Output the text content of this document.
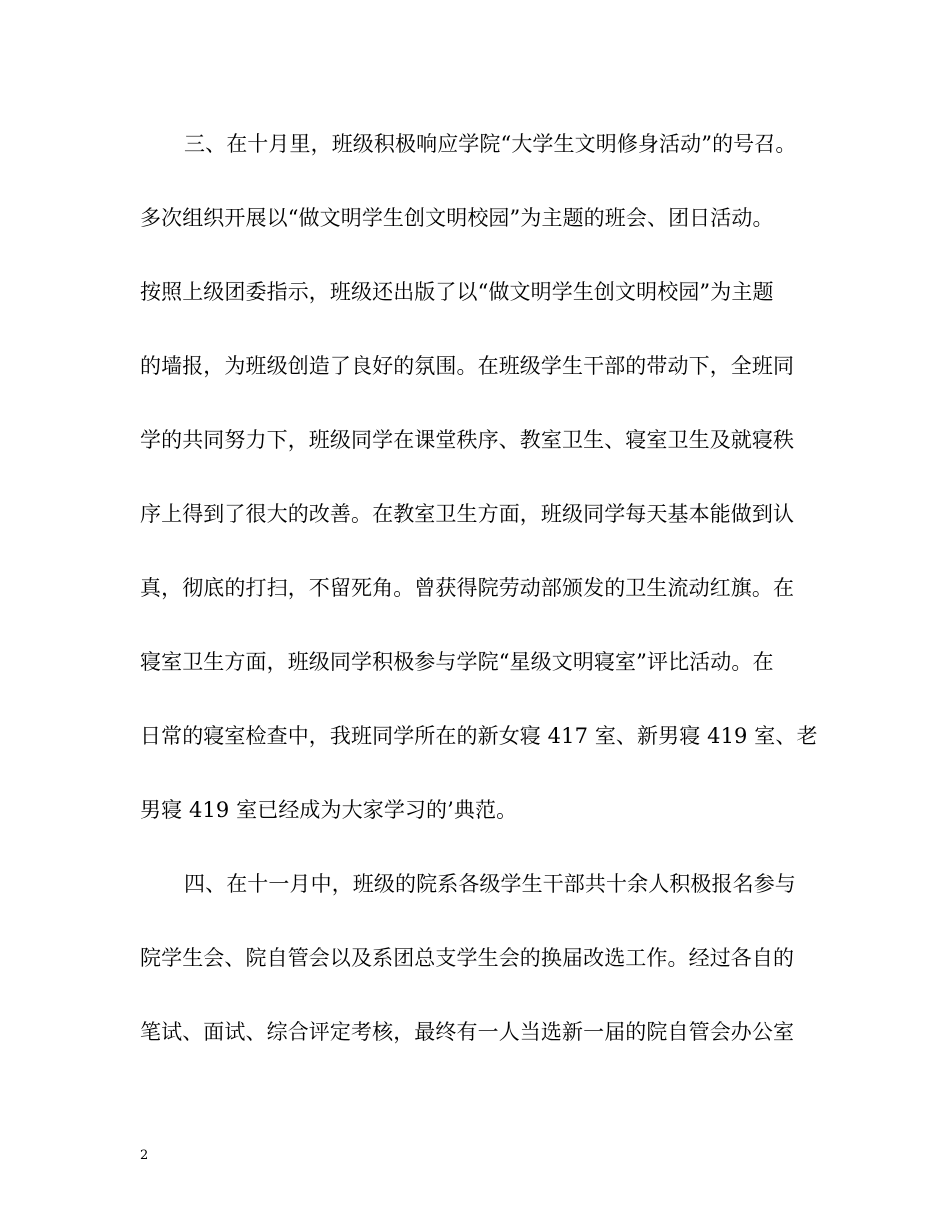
三、在十月里，班级积极响应学院“大学生文明修身活动”的号召。
多次组织开展以“做文明学生创文明校园”为主题的班会、团日活动。
按照上级团委指示，班级还出版了以“做文明学生创文明校园”为主题
的墙报，为班级创造了良好的氛围。在班级学生干部的带动下，全班同
学的共同努力下，班级同学在课堂秩序、教室卫生、寝室卫生及就寝秩
序上得到了很大的改善。在教室卫生方面，班级同学每天基本能做到认
真，彻底的打扫，不留死角。曾获得院劳动部颁发的卫生流动红旗。在
寝室卫生方面，班级同学积极参与学院“星级文明寝室”评比活动。在
日常的寝室检查中，我班同学所在的新女寝 417 室、新男寝 419 室、老
男寝 419 室已经成为大家学习的’典范。
四、在十一月中，班级的院系各级学生干部共十余人积极报名参与
院学生会、院自管会以及系团总支学生会的换届改选工作。经过各自的
笔试、面试、综合评定考核，最终有一人当选新一届的院自管会办公室
2
